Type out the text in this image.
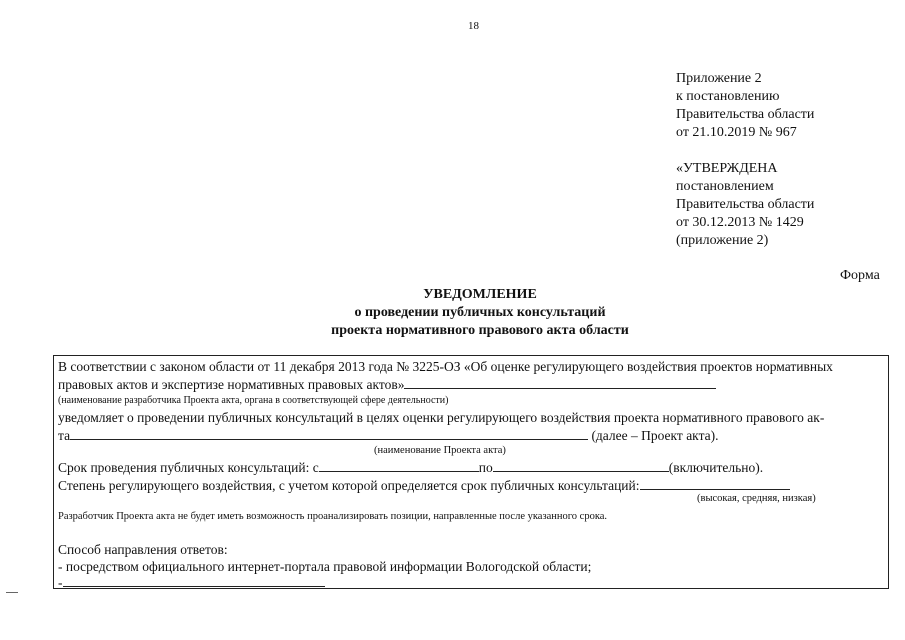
18
Приложение 2
к постановлению
Правительства области
от 21.10.2019 № 967
«УТВЕРЖДЕНА
постановлением
Правительства области
от 30.12.2013 № 1429
(приложение 2)
Форма
УВЕДОМЛЕНИЕ
о проведении публичных консультаций
проекта нормативного правового акта области
В соответствии с законом области от 11 декабря 2013 года № 3225-ОЗ «Об оценке регулирующего воздействия проектов нормативных
правовых актов и экспертизе нормативных правовых актов»
(наименование разработчика Проекта акта, органа в соответствующей сфере деятельности)
уведомляет о проведении публичных консультаций в целях оценки регулирующего воздействия проекта нормативного правового ак-
та	(далее – Проект акта).
(наименование Проекта акта)
Срок проведения публичных консультаций: с	по	(включительно).
Степень регулирующего воздействия, с учетом которой определяется срок публичных консультаций:
(высокая, средняя, низкая)
Разработчик Проекта акта не будет иметь возможность проанализировать позиции, направленные после указанного срока.
Способ направления ответов:
- посредством официального интернет-портала правовой информации Вологодской области;
-
